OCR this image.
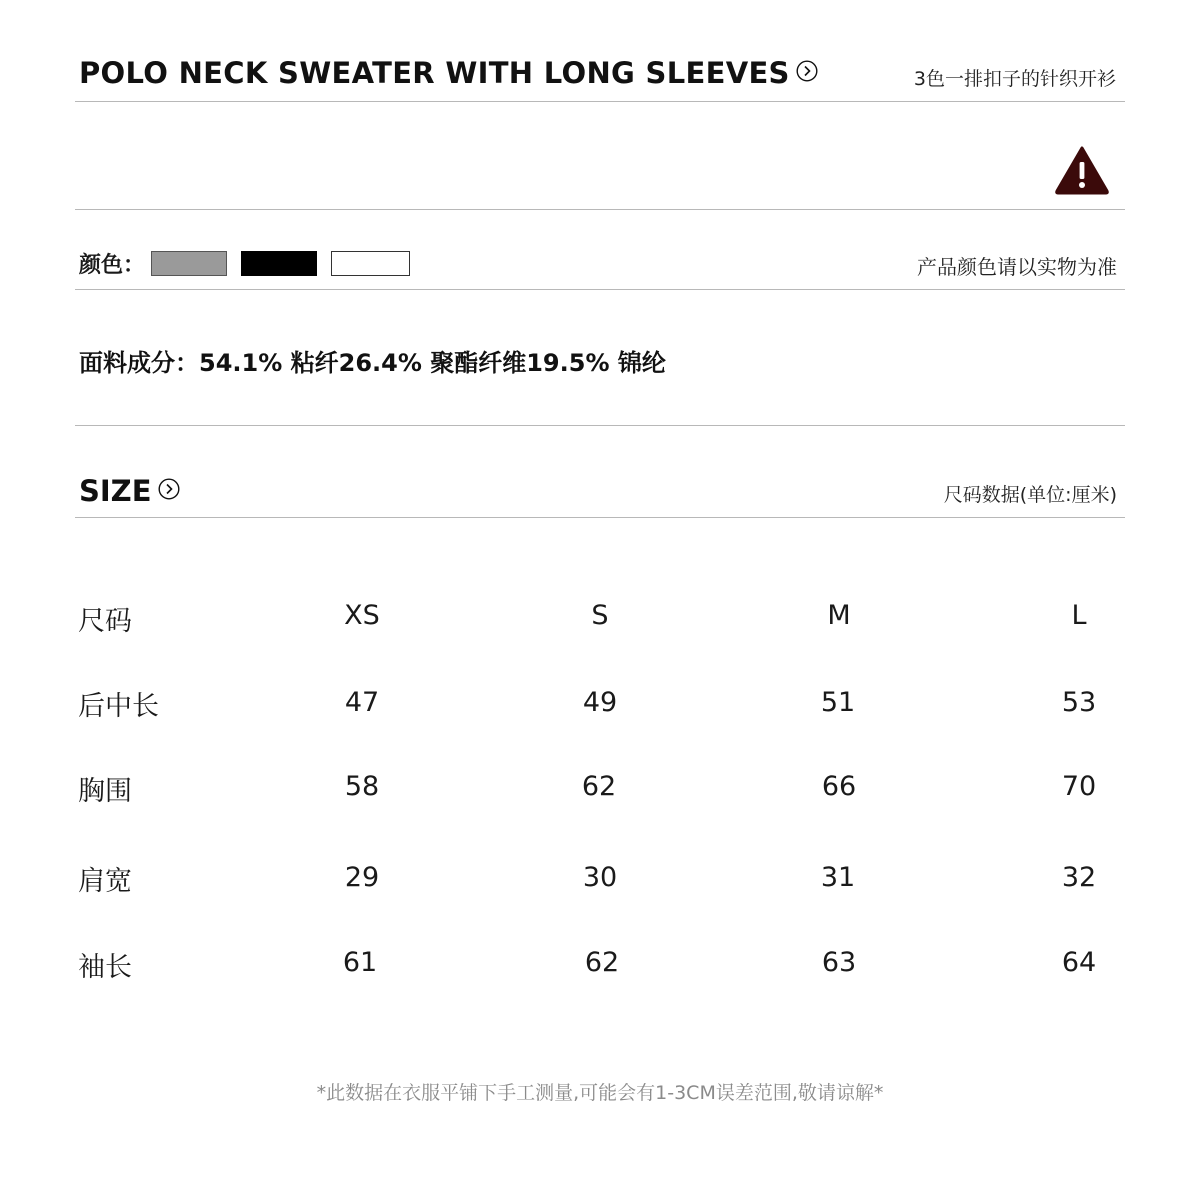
POLO NECK SWEATER WITH LONG SLEEVES	3色一排扣子的针织开衫
颜色：	产品颜色请以实物为准
面料成分：54.1% 粘纤26.4% 聚酯纤维19.5% 锦纶
SIZE	尺码数据(单位:厘米)
尺码	XS	S	M	L
后中长	47	49	51	53
胸围	58	62	66	70
肩宽	29	30	31	32
袖长	61	62	63	64
*此数据在衣服平铺下手工测量,可能会有1-3CM误差范围,敬请谅解*
